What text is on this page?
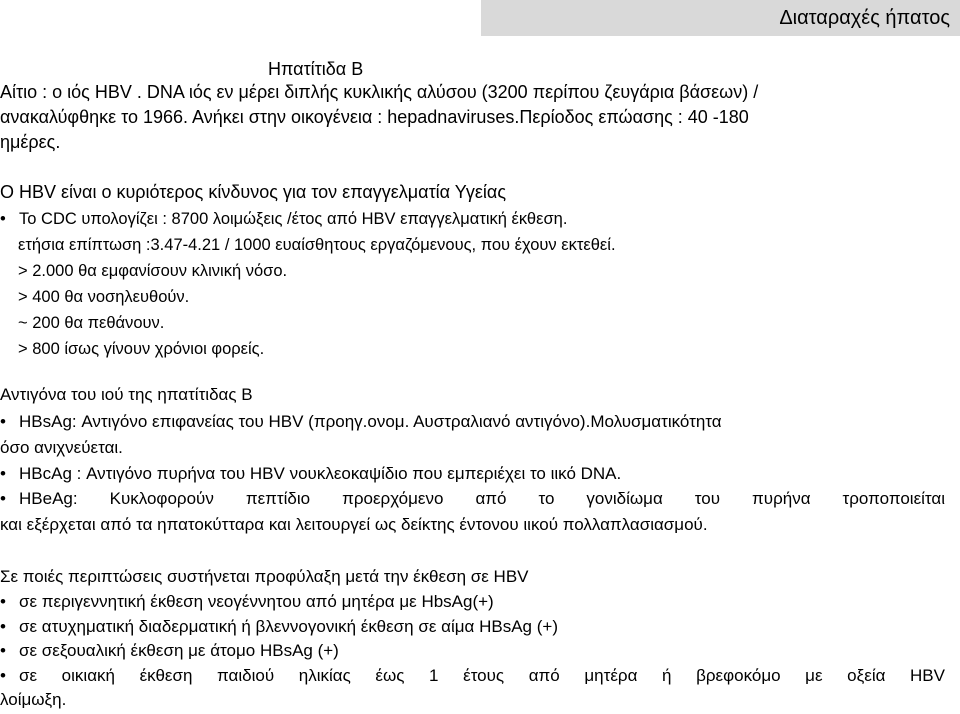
Διαταραχές ήπατος
Ηπατίτιδα Β
Αίτιο : ο ιός HBV . DNA ιός εν μέρει διπλής κυκλικής αλύσου (3200 περίπου ζευγάρια βάσεων) /
ανακαλύφθηκε το 1966. Ανήκει στην οικογένεια : hepadnaviruses.Περίοδος επώασης : 40 -180
ημέρες.
Ο HBV είναι ο κυριότερος κίνδυνος για τον επαγγελματία Υγείας
• Το CDC υπολογίζει : 8700 λοιμώξεις /έτος από HBV επαγγελματική έκθεση.
ετήσια επίπτωση :3.47-4.21 / 1000 ευαίσθητους εργαζόμενους, που έχουν εκτεθεί.
> 2.000 θα εμφανίσουν κλινική νόσο.
> 400 θα νοσηλευθούν.
~ 200 θα πεθάνουν.
> 800 ίσως γίνουν χρόνιοι φορείς.
Αντιγόνα του ιού της ηπατίτιδας Β
• HBsAg: Αντιγόνο επιφανείας του HBV (προηγ.ονομ. Αυστραλιανό αντιγόνο).Μολυσματικότητα
όσο ανιχνεύεται.
• HBcAg : Αντιγόνο πυρήνα του HBV νουκλεοκαψίδιο που εμπεριέχει το ιικό DNA.
• HBeAg: Κυκλοφορούν πεπτίδιο προερχόμενο από το γονιδίωμα του πυρήνα τροποποιείται
και εξέρχεται από τα ηπατοκύτταρα και λειτουργεί ως δείκτης έντονου ιικού πολλαπλασιασμού.
Σε ποιές περιπτώσεις συστήνεται προφύλαξη μετά την έκθεση σε HBV
• σε περιγεννητική έκθεση νεογέννητου από μητέρα με HbsAg(+)
• σε ατυχηματική διαδερματική ή βλεννογονική έκθεση σε αίμα HBsAg (+)
• σε σεξουαλική έκθεση με άτομο HBsAg (+)
• σε οικιακή έκθεση παιδιού ηλικίας έως 1 έτους από μητέρα ή βρεφοκόμο με οξεία HBV
λοίμωξη.
